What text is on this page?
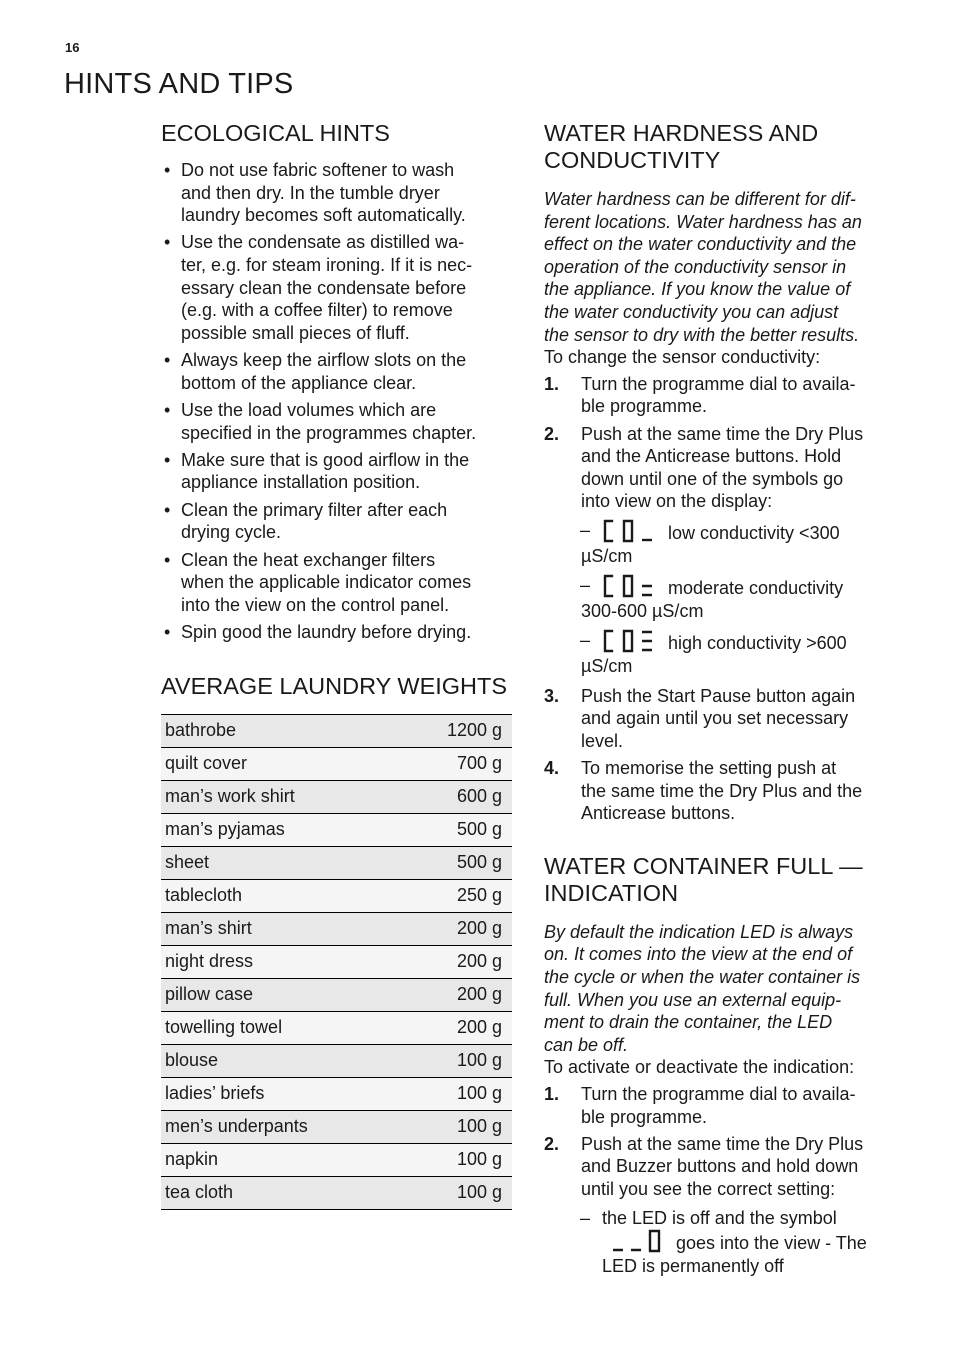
16
HINTS AND TIPS
ECOLOGICAL HINTS
• Do not use fabric softener to wash
and then dry. In the tumble dryer
laundry becomes soft automatically.
• Use the condensate as distilled wa-
ter, e.g. for steam ironing. If it is nec-
essary clean the condensate before
(e.g. with a coffee filter) to remove
possible small pieces of fluff.
• Always keep the airflow slots on the
bottom of the appliance clear.
• Use the load volumes which are
specified in the programmes chapter.
• Make sure that is good airflow in the
appliance installation position.
• Clean the primary filter after each
drying cycle.
• Clean the heat exchanger filters
when the applicable indicator comes
into the view on the control panel.
• Spin good the laundry before drying.
AVERAGE LAUNDRY WEIGHTS
bathrobe	1200 g
quilt cover	700 g
man’s work shirt	600 g
man’s pyjamas	500 g
sheet	500 g
tablecloth	250 g
man’s shirt	200 g
night dress	200 g
pillow case	200 g
towelling towel	200 g
blouse	100 g
ladies’ briefs	100 g
men’s underpants	100 g
napkin	100 g
tea cloth	100 g
WATER HARDNESS AND
CONDUCTIVITY

Water hardness can be different for dif-
ferent locations. Water hardness has an
effect on the water conductivity and the
operation of the conductivity sensor in
the appliance. If you know the value of
the water conductivity you can adjust
the sensor to dry with the better results.

To change the sensor conductivity:

1. Turn the programme dial to availa-
ble programme.
2. Push at the same time the Dry Plus
and the Anticrease buttons. Hold
down until one of the symbols go
into view on the display:
–	low conductivity <300
µS/cm
–	moderate conductivity
300-600 µS/cm
–	high conductivity >600
µS/cm
3. Push the Start Pause button again
and again until you set necessary
level.
4. To memorise the setting push at
the same time the Dry Plus and the
Anticrease buttons.
WATER CONTAINER FULL —
INDICATION

By default the indication LED is always
on. It comes into the view at the end of
the cycle or when the water container is
full. When you use an external equip-
ment to drain the container, the LED
can be off.

To activate or deactivate the indication:

1. Turn the programme dial to availa-
ble programme.
2. Push at the same time the Dry Plus
and Buzzer buttons and hold down
until you see the correct setting:
– the LED is off and the symbol
goes into the view - The
LED is permanently off
